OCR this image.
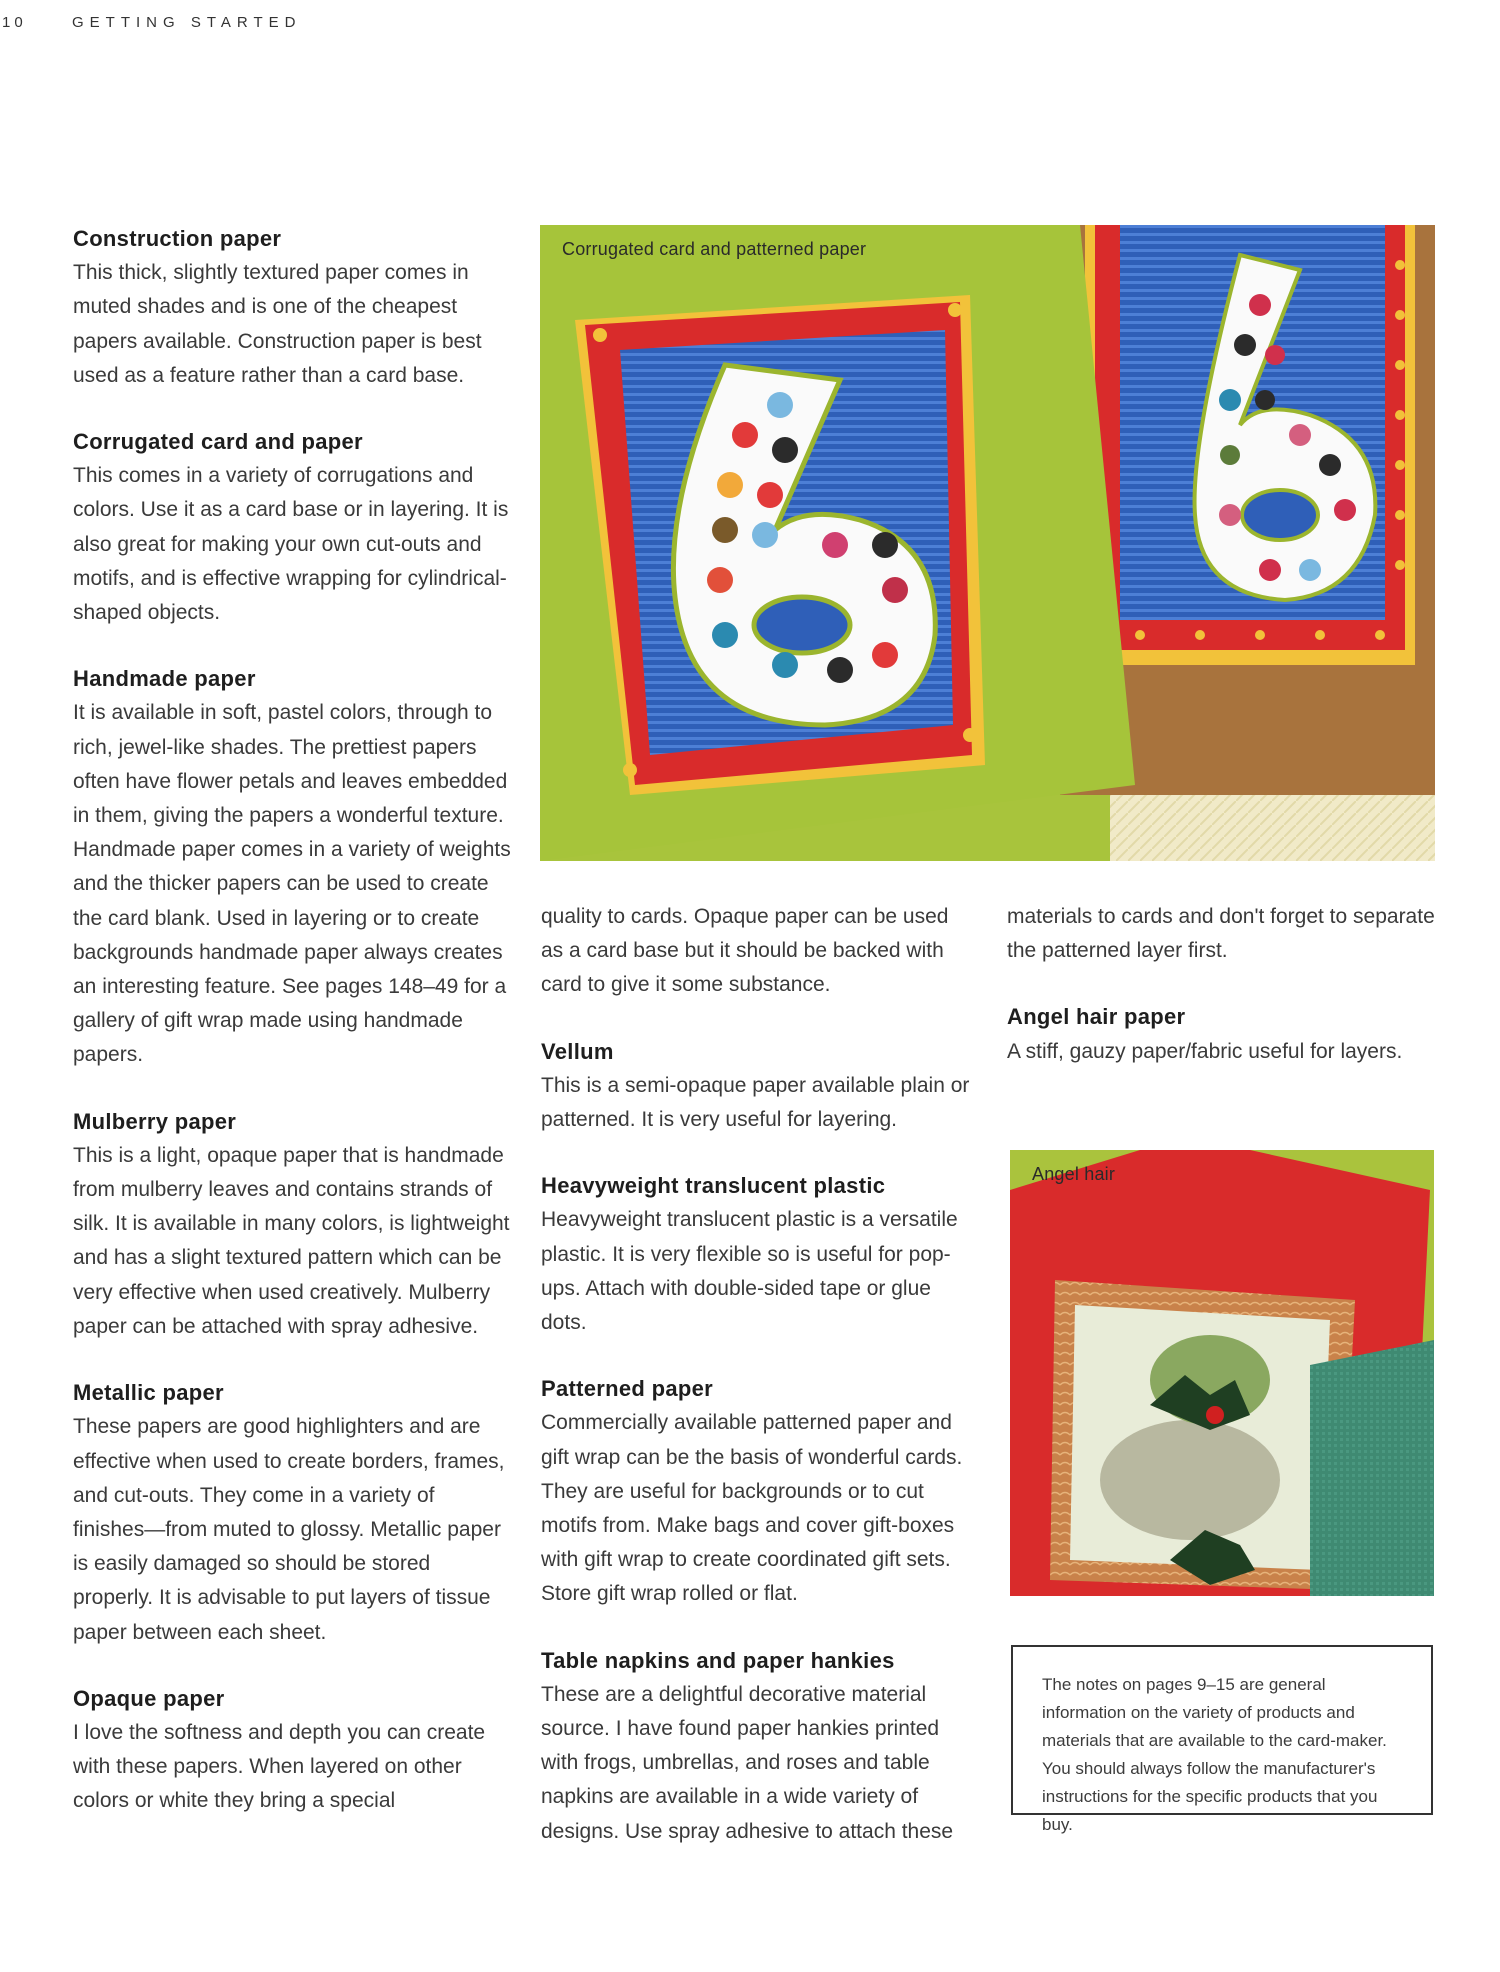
10	GETTING STARTED
Construction paper

This thick, slightly textured paper comes in muted shades and is one of the cheapest papers available. Construction paper is best used as a feature rather than a card base.

Corrugated card and paper

This comes in a variety of corrugations and colors. Use it as a card base or in layering. It is also great for making your own cut-outs and motifs, and is effective wrapping for cylindrical-shaped objects.

Handmade paper

It is available in soft, pastel colors, through to rich, jewel-like shades. The prettiest papers often have flower petals and leaves embedded in them, giving the papers a wonderful texture. Handmade paper comes in a variety of weights and the thicker papers can be used to create the card blank. Used in layering or to create backgrounds handmade paper always creates an interesting feature. See pages 148–49 for a gallery of gift wrap made using handmade papers.

Mulberry paper

This is a light, opaque paper that is handmade from mulberry leaves and contains strands of silk. It is available in many colors, is lightweight and has a slight textured pattern which can be very effective when used creatively. Mulberry paper can be attached with spray adhesive.

Metallic paper

These papers are good highlighters and are effective when used to create borders, frames, and cut-outs. They come in a variety of finishes—from muted to glossy. Metallic paper is easily damaged so should be stored properly. It is advisable to put layers of tissue paper between each sheet.

Opaque paper

I love the softness and depth you can create with these papers. When layered on other colors or white they bring a special

Corrugated card and patterned paper

quality to cards. Opaque paper can be used as a card base but it should be backed with card to give it some substance.

Vellum

This is a semi-opaque paper available plain or patterned. It is very useful for layering.

Heavyweight translucent plastic

Heavyweight translucent plastic is a versatile plastic. It is very flexible so is useful for pop-ups. Attach with double-sided tape or glue dots.

Patterned paper

Commercially available patterned paper and gift wrap can be the basis of wonderful cards. They are useful for backgrounds or to cut motifs from. Make bags and cover gift-boxes with gift wrap to create coordinated gift sets. Store gift wrap rolled or flat.

Table napkins and paper hankies

These are a delightful decorative material source. I have found paper hankies printed with frogs, umbrellas, and roses and table napkins are available in a wide variety of designs. Use spray adhesive to attach these

materials to cards and don't forget to separate the patterned layer first.

Angel hair paper

A stiff, gauzy paper/fabric useful for layers.

Angel hair
The notes on pages 9–15 are general information on the variety of products and materials that are available to the card-maker. You should always follow the manufacturer's instructions for the specific products that you buy.
